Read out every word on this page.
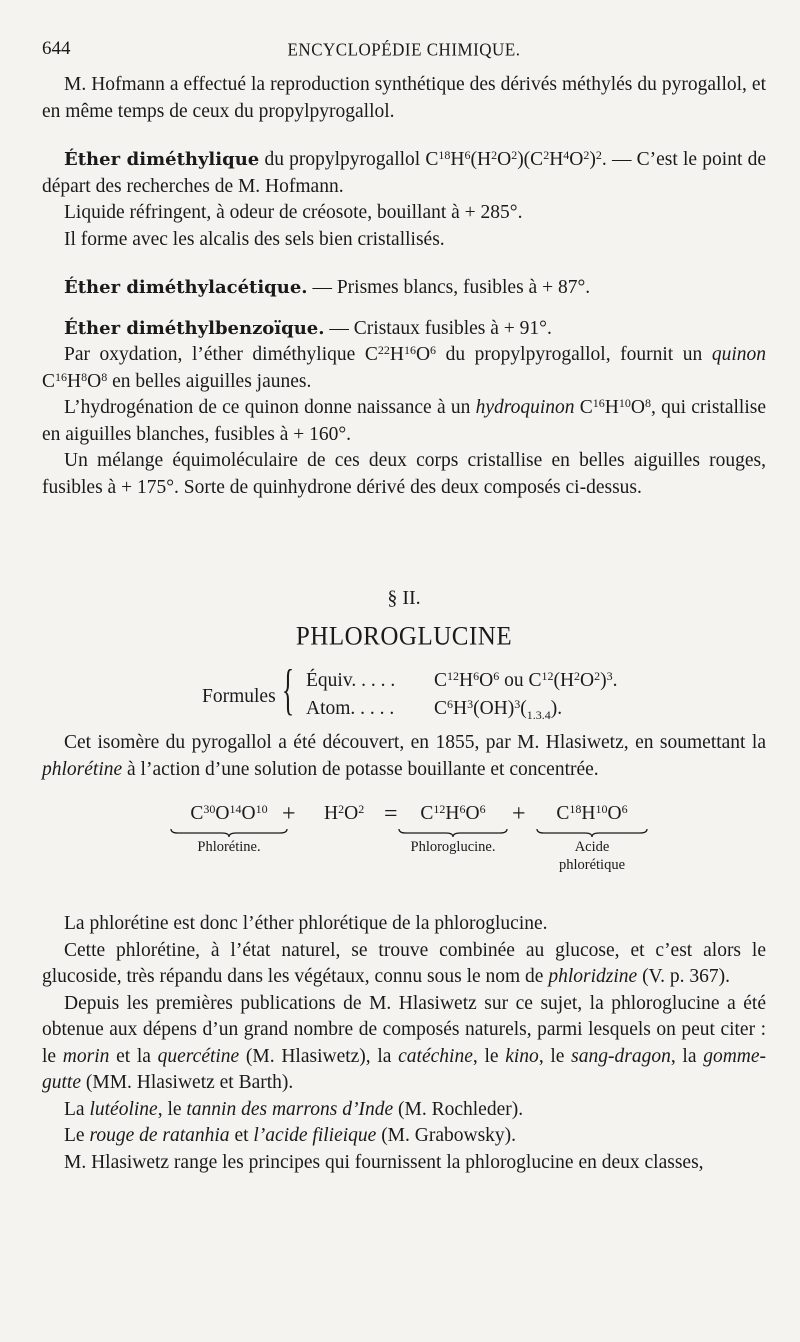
644	ENCYCLOPÉDIE CHIMIQUE.

M. Hofmann a effectué la reproduction synthétique des dérivés méthylés du pyrogallol, et en même temps de ceux du propylpyrogallol.

Éther diméthylique du propylpyrogallol $C^{18}H^6(H^2O^2)(C^2H^4O^2)^2$. — C’est le point de départ des recherches de M. Hofmann.

Liquide réfringent, à odeur de créosote, bouillant à + 285°.

Il forme avec les alcalis des sels bien cristallisés.

Éther diméthylacétique. — Prismes blancs, fusibles à + 87°.

Éther diméthylbenzoïque. — Cristaux fusibles à + 91°.

Par oxydation, l’éther diméthylique $C^{22}H^{16}O^6$ du propylpyrogallol, fournit un quinon $C^{16}H^8O^8$ en belles aiguilles jaunes.

L’hydrogénation de ce quinon donne naissance à un hydroquinon $C^{16}H^{10}O^8$, qui cristallise en aiguilles blanches, fusibles à + 160°.

Un mélange équimoléculaire de ces deux corps cristallise en belles aiguilles rouges, fusibles à + 175°. Sorte de quinhydrone dérivé des deux composés ci-dessus.

§ II.
PHLOROGLUCINE
Formules { Équiv. . . . . $C^{12}H^6O^6$ ou $C^{12}(H^2O^2)^3$.
Atom. . . . . $C^6H^3(OH)^3(_{1.3.4})$.

Cet isomère du pyrogallol a été découvert, en 1855, par M. Hlasiwetz, en soumettant la phlorétine à l’action d’une solution de potasse bouillante et concentrée.

$C^{30}O^{14}O^{10}$
Phlorétine.
+ $H^2O^2$ =	$C^{12}H^6O^6$
Phloroglucine.
+	$C^{18}H^{10}O^6$
Acide
phlorétique

La phlorétine est donc l’éther phlorétique de la phloroglucine.

Cette phlorétine, à l’état naturel, se trouve combinée au glucose, et c’est alors le glucoside, très répandu dans les végétaux, connu sous le nom de phloridzine (V. p. 367).

Depuis les premières publications de M. Hlasiwetz sur ce sujet, la phloroglucine a été obtenue aux dépens d’un grand nombre de composés naturels, parmi lesquels on peut citer : le morin et la quercétine (M. Hlasiwetz), la catéchine, le kino, le sang-dragon, la gomme-gutte (MM. Hlasiwetz et Barth).

La lutéoline, le tannin des marrons d’Inde (M. Rochleder).

Le rouge de ratanhia et l’acide filieique (M. Grabowsky).

M. Hlasiwetz range les principes qui fournissent la phloroglucine en deux classes,
